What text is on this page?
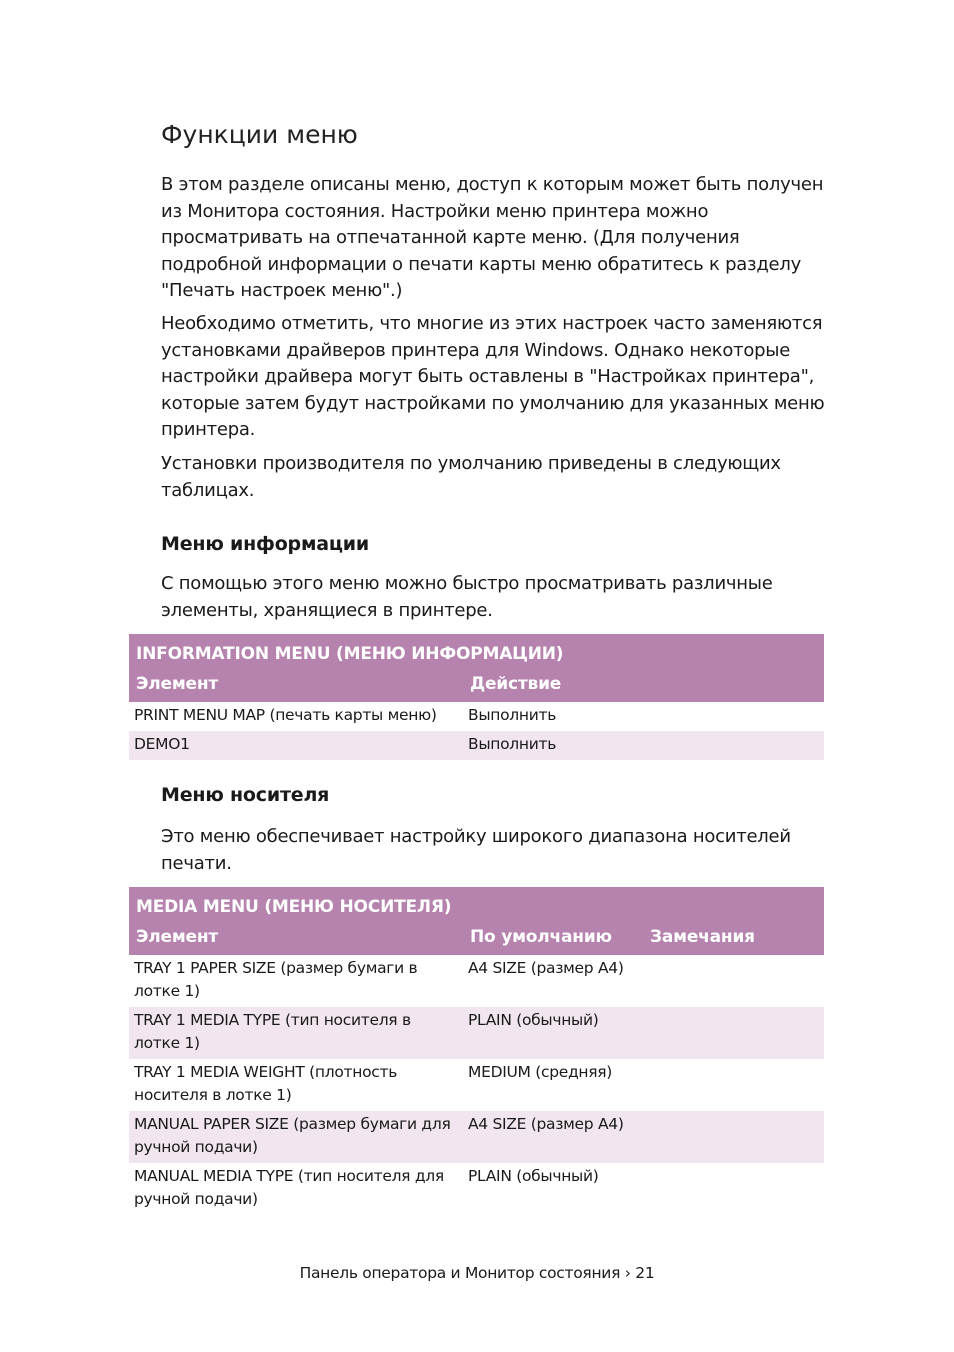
Функции меню

В этом разделе описаны меню, доступ к которым может быть получен из Монитора состояния. Настройки меню принтера можно просматривать на отпечатанной карте меню. (Для получения подробной информации о печати карты меню обратитесь к разделу "Печать настроек меню".)

Необходимо отметить, что многие из этих настроек часто заменяются установками драйверов принтера для Windows. Однако некоторые настройки драйвера могут быть оставлены в "Настройках принтера", которые затем будут настройками по умолчанию для указанных меню принтера.

Установки производителя по умолчанию приведены в следующих таблицах.

Меню информации

С помощью этого меню можно быстро просматривать различные элементы, хранящиеся в принтере.

INFORMATION MENU (МЕНЮ ИНФОРМАЦИИ)	
Элемент	Действие
PRINT MENU MAP (печать карты меню)	Выполнить
DEMO1	Выполнить
Меню носителя

Это меню обеспечивает настройку широкого диапазона носителей печати.

MEDIA MENU (МЕНЮ НОСИТЕЛЯ)		
Элемент	По умолчанию	Замечания
TRAY 1 PAPER SIZE (размер бумаги в лотке 1)	A4 SIZE (размер A4)	
TRAY 1 MEDIA TYPE (тип носителя в лотке 1)	PLAIN (обычный)	
TRAY 1 MEDIA WEIGHT (плотность носителя в лотке 1)	MEDIUM (средняя)	
MANUAL PAPER SIZE (размер бумаги для ручной подачи)	A4 SIZE (размер A4)	
MANUAL MEDIA TYPE (тип носителя для ручной подачи)	PLAIN (обычный)	
Панель оператора и Монитор состояния › 21
